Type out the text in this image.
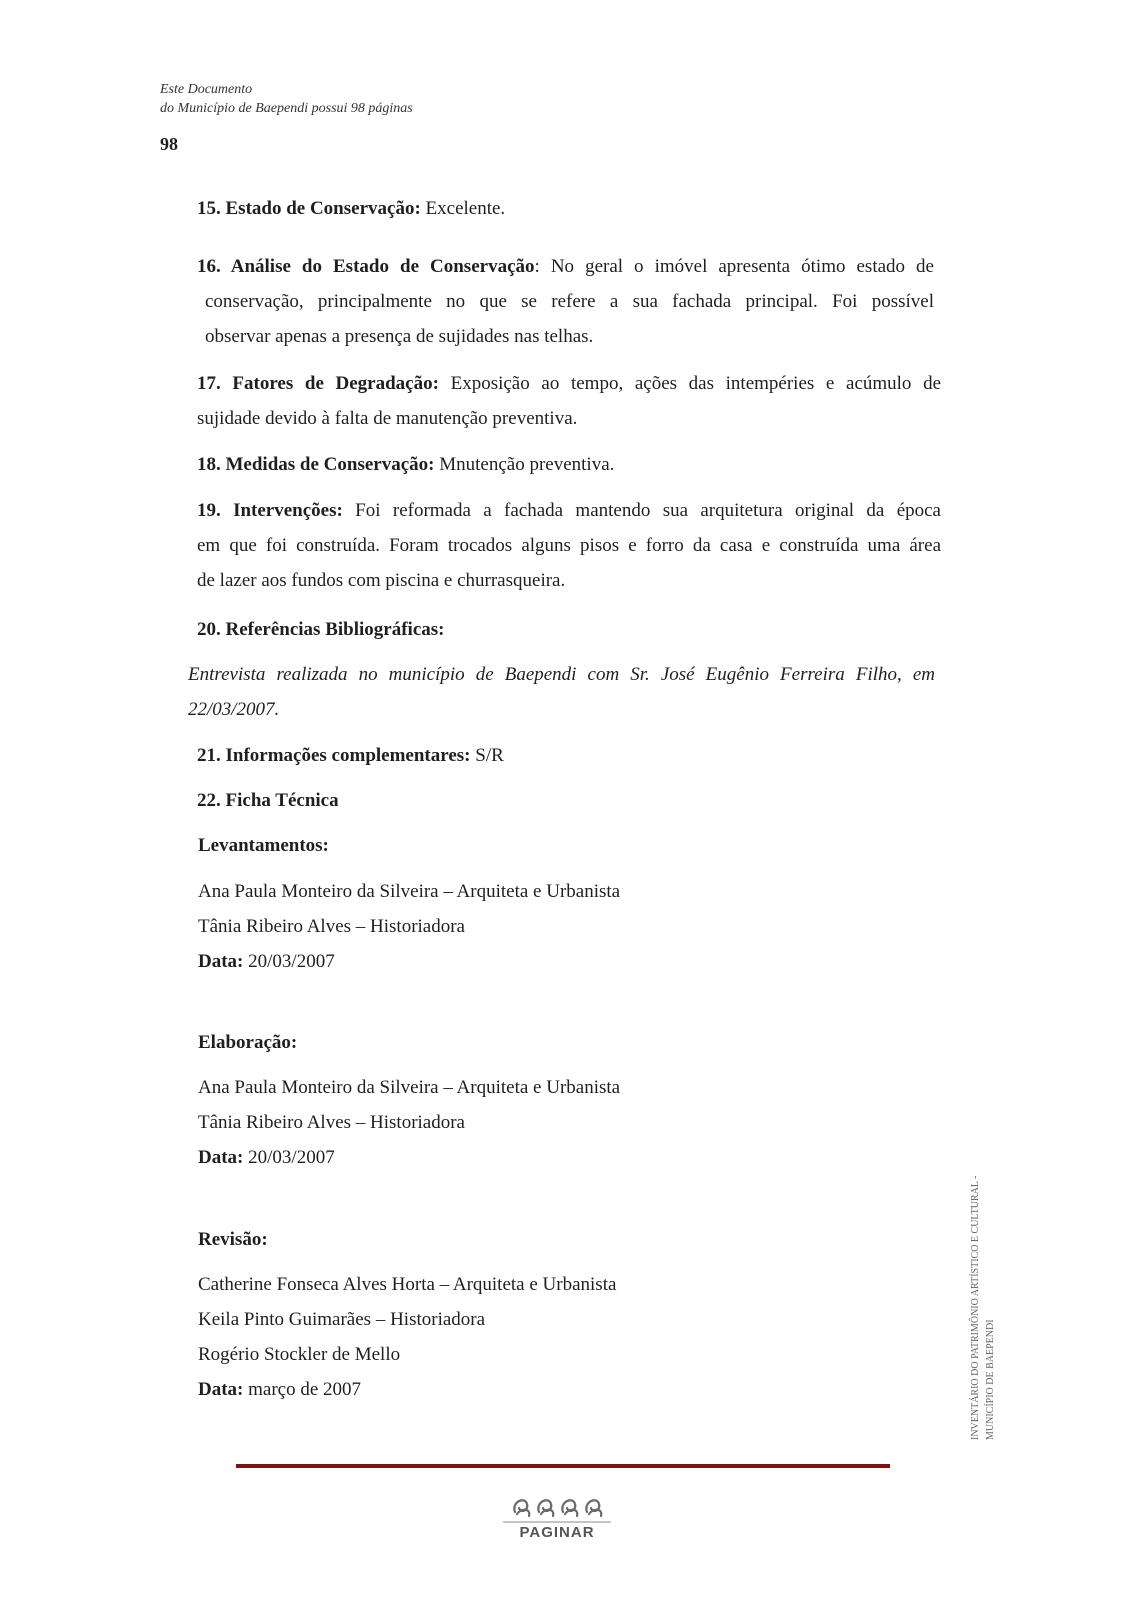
Este Documento
do Município de Baependi possui 98 páginas
98
15. Estado de Conservação: Excelente.
16. Análise do Estado de Conservação: No geral o imóvel apresenta ótimo estado de
conservação, principalmente no que se refere a sua fachada principal. Foi possível
observar apenas a presença de sujidades nas telhas.
17. Fatores de Degradação: Exposição ao tempo, ações das intempéries e acúmulo de
sujidade devido à falta de manutenção preventiva.
18. Medidas de Conservação: Mnutenção preventiva.
19. Intervenções: Foi reformada a fachada mantendo sua arquitetura original da época
em que foi construída. Foram trocados alguns pisos e forro da casa e construída uma área
de lazer aos fundos com piscina e churrasqueira.
20. Referências Bibliográficas:
Entrevista realizada no município de Baependi com Sr. José Eugênio Ferreira Filho, em
22/03/2007.
21. Informações complementares: S/R
22. Ficha Técnica
Levantamentos:
Ana Paula Monteiro da Silveira – Arquiteta e Urbanista
Tânia Ribeiro Alves – Historiadora
Data: 20/03/2007
Elaboração:
Ana Paula Monteiro da Silveira – Arquiteta e Urbanista
Tânia Ribeiro Alves – Historiadora
Data: 20/03/2007
Revisão:
Catherine Fonseca Alves Horta – Arquiteta e Urbanista
Keila Pinto Guimarães – Historiadora
Rogério Stockler de Mello
Data: março de 2007	INVENTÁRIO DO PATRIMÔNIO ARTÍSTICO E CULTURAL - MUNICÍPIO DE BAEPENDI
PAGINAR
